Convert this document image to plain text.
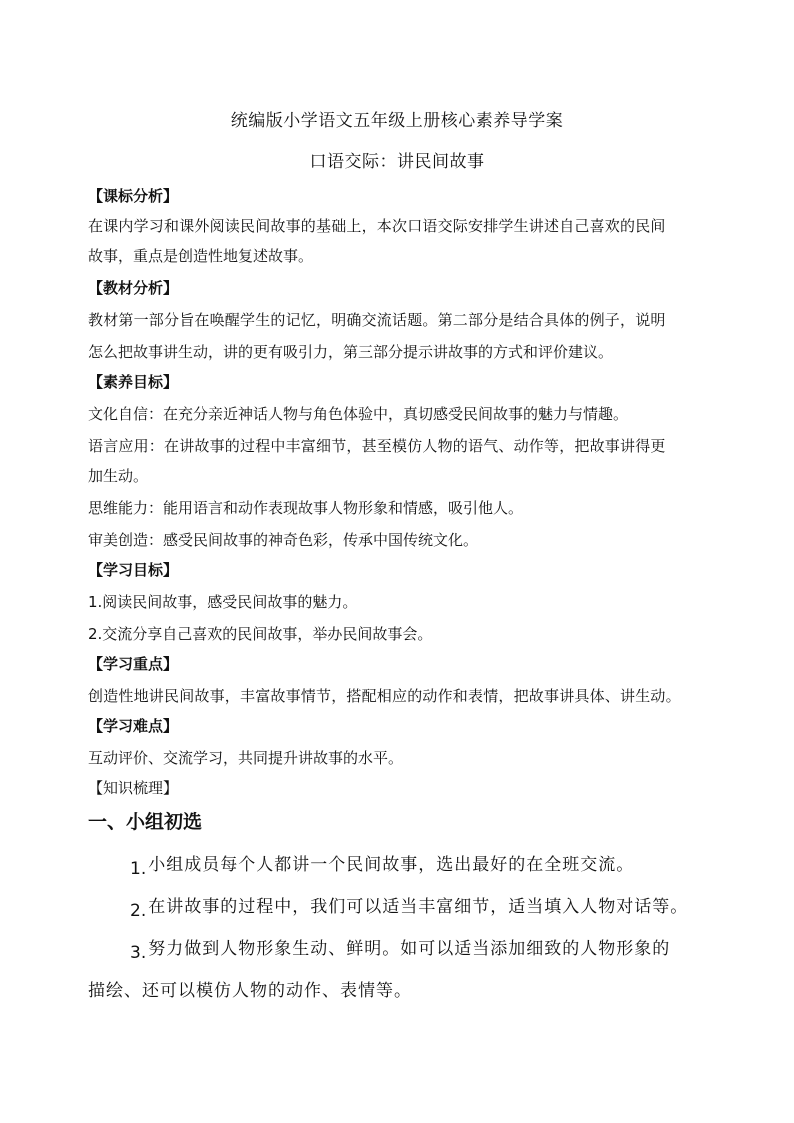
统编版小学语文五年级上册核心素养导学案
口语交际：讲民间故事
【课标分析】
在课内学习和课外阅读民间故事的基础上，本次口语交际安排学生讲述自己喜欢的民间
故事，重点是创造性地复述故事。
【教材分析】
教材第一部分旨在唤醒学生的记忆，明确交流话题。第二部分是结合具体的例子，说明
怎么把故事讲生动，讲的更有吸引力，第三部分提示讲故事的方式和评价建议。
【素养目标】
文化自信：在充分亲近神话人物与角色体验中，真切感受民间故事的魅力与情趣。
语言应用：在讲故事的过程中丰富细节，甚至模仿人物的语气、动作等，把故事讲得更
加生动。
思维能力：能用语言和动作表现故事人物形象和情感，吸引他人。
审美创造：感受民间故事的神奇色彩，传承中国传统文化。
【学习目标】
1.阅读民间故事，感受民间故事的魅力。
2.交流分享自己喜欢的民间故事，举办民间故事会。
【学习重点】
创造性地讲民间故事，丰富故事情节，搭配相应的动作和表情，把故事讲具体、讲生动。
【学习难点】
互动评价、交流学习，共同提升讲故事的水平。
【知识梳理】
一、小组初选
1. 小组成员每个人都讲一个民间故事，选出最好的在全班交流。
2. 在讲故事的过程中，我们可以适当丰富细节，适当填入人物对话等。
3. 努力做到人物形象生动、鲜明。如可以适当添加细致的人物形象的
描绘、还可以模仿人物的动作、表情等。
